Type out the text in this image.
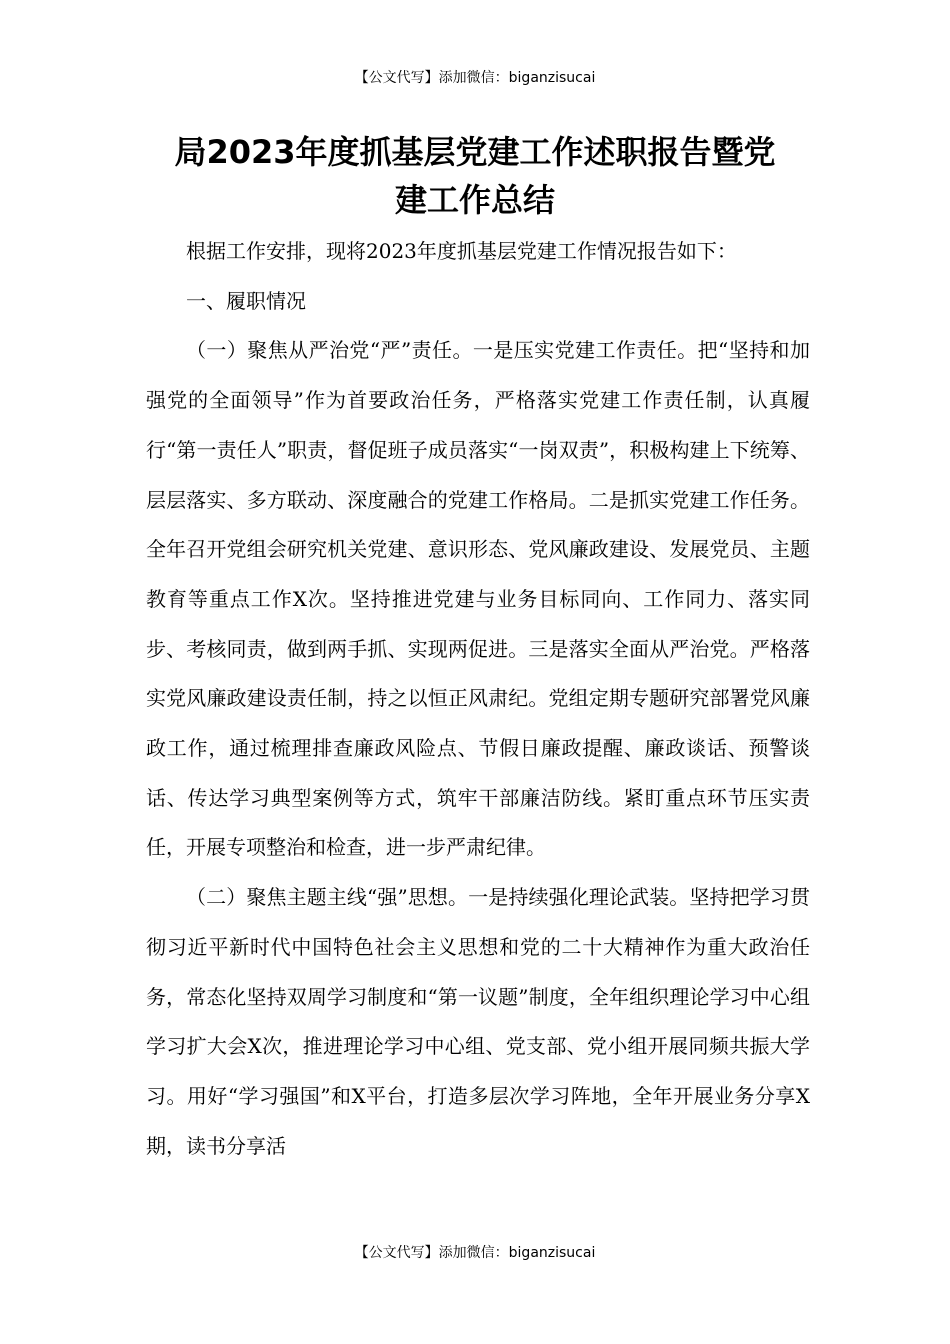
【公文代写】添加微信：biganzisucai
局2023年度抓基层党建工作述职报告暨党
建工作总结

根据工作安排，现将2023年度抓基层党建工作情况报告如下：

一、履职情况

（一）聚焦从严治党“严”责任。一是压实党建工作责任。把“坚持和加强党的全面领导”作为首要政治任务，严格落实党建工作责任制，认真履行“第一责任人”职责，督促班子成员落实“一岗双责”，积极构建上下统筹、层层落实、多方联动、深度融合的党建工作格局。二是抓实党建工作任务。全年召开党组会研究机关党建、意识形态、党风廉政建设、发展党员、主题教育等重点工作X次。坚持推进党建与业务目标同向、工作同力、落实同步、考核同责，做到两手抓、实现两促进。三是落实全面从严治党。严格落实党风廉政建设责任制，持之以恒正风肃纪。党组定期专题研究部署党风廉政工作，通过梳理排查廉政风险点、节假日廉政提醒、廉政谈话、预警谈话、传达学习典型案例等方式，筑牢干部廉洁防线。紧盯重点环节压实责任，开展专项整治和检查，进一步严肃纪律。

（二）聚焦主题主线“强”思想。一是持续强化理论武装。坚持把学习贯彻习近平新时代中国特色社会主义思想和党的二十大精神作为重大政治任务，常态化坚持双周学习制度和“第一议题”制度，全年组织理论学习中心组学习扩大会X次，推进理论学习中心组、党支部、党小组开展同频共振大学习。用好“学习强国”和X平台，打造多层次学习阵地，全年开展业务分享X期，读书分享活

【公文代写】添加微信：biganzisucai
